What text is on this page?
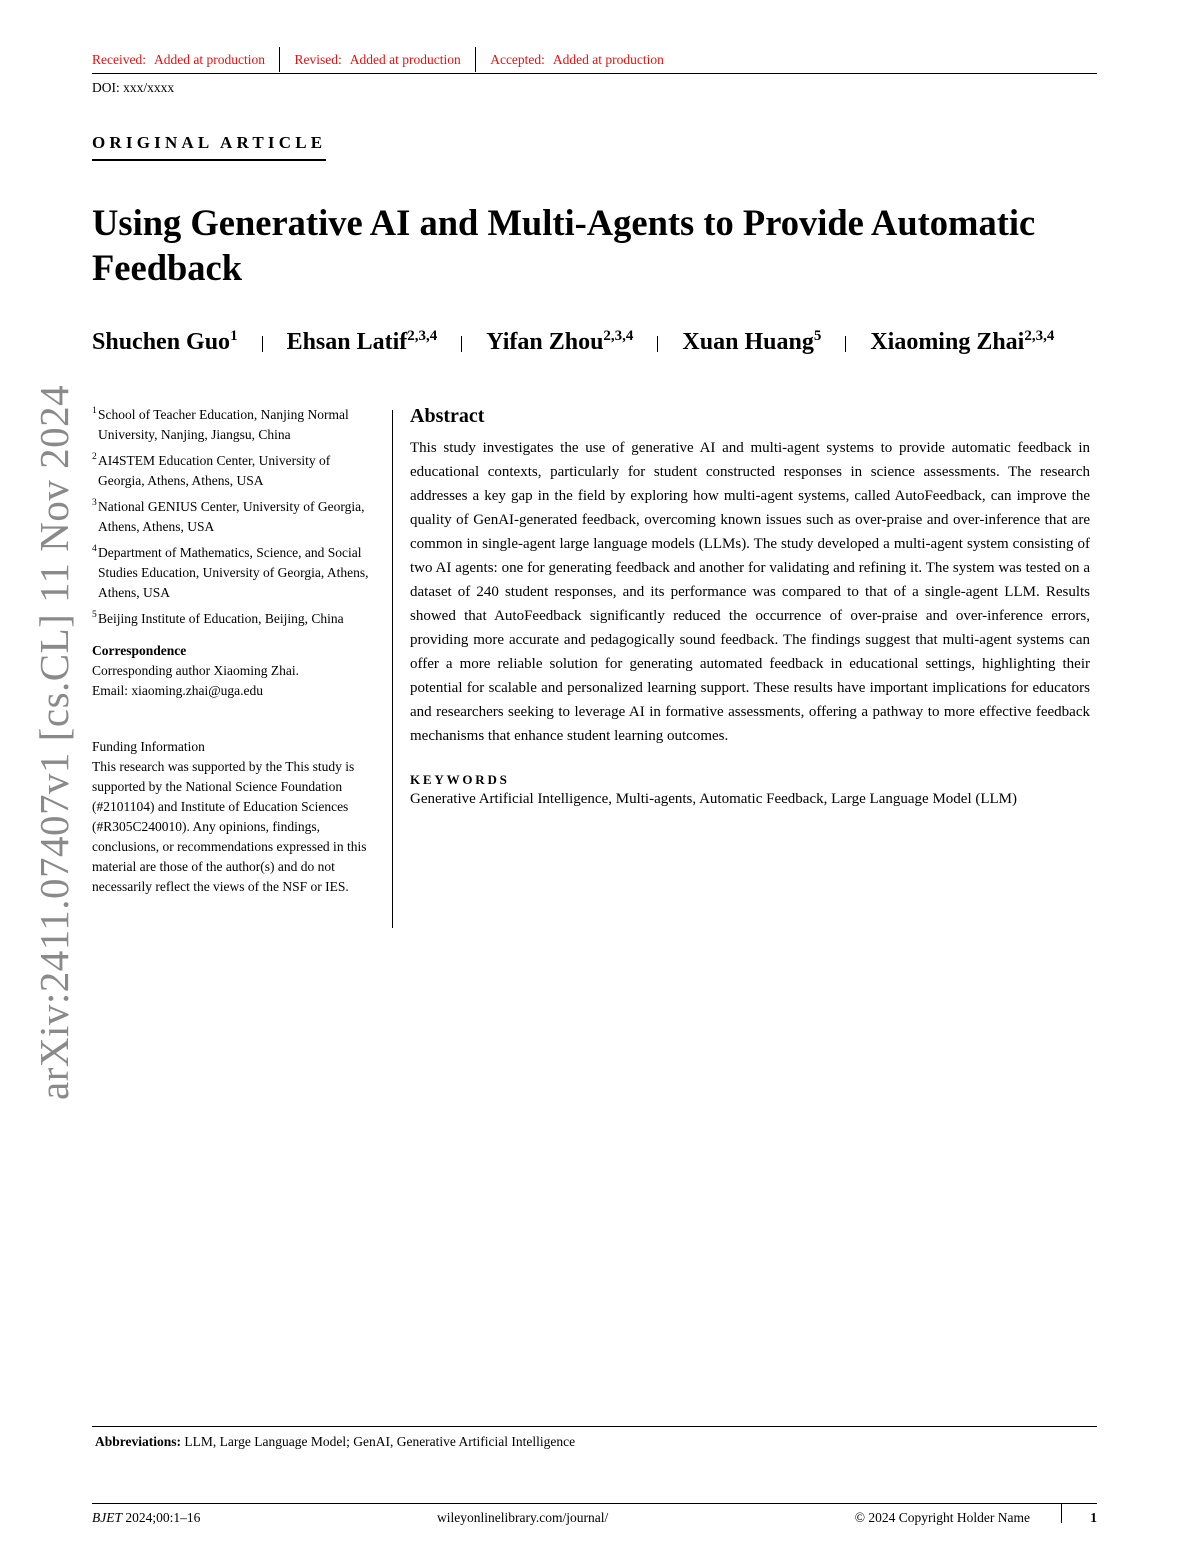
Received: Added at production Revised: Added at production Accepted: Added at production
DOI: xxx/xxxx
ORIGINAL ARTICLE
Using Generative AI and Multi-Agents to Provide Automatic
Feedback
Shuchen Guo$^1$ Ehsan Latif$^{2,3,4}$ Yifan Zhou$^{2,3,4}$ Xuan Huang$^5$ Xiaoming Zhai$^{2,3,4}$
arXiv:2411.07407v1 [cs.CL] 11 Nov 2024 1 School of Teacher Education, Nanjing Normal
University, Nanjing, Jiangsu, China
2 AI4STEM Education Center, University of
Georgia, Athens, Athens, USA
3 National GENIUS Center, University of Georgia,
Athens, Athens, USA
4 Department of Mathematics, Science, and Social
Studies Education, University of Georgia, Athens,
Athens, USA
5 Beijing Institute of Education, Beijing, China
Correspondence
Corresponding author Xiaoming Zhai.
Email: xiaoming.zhai@uga.edu
Funding Information
This research was supported by the This study is
supported by the National Science Foundation
(#2101104) and Institute of Education Sciences
(#R305C240010). Any opinions, findings,
conclusions, or recommendations expressed in this
material are those of the author(s) and do not
necessarily reflect the views of the NSF or IES.
Abstract

This study investigates the use of generative AI and multi-agent systems to provide automatic feedback in educational contexts, particularly for student constructed responses in science assessments. The research addresses a key gap in the field by exploring how multi-agent systems, called AutoFeedback, can improve the quality of GenAI-generated feedback, overcoming known issues such as over-praise and over-inference that are common in single-agent large language models (LLMs). The study developed a multi-agent system consisting of two AI agents: one for generating feedback and another for validating and refining it. The system was tested on a dataset of 240 student responses, and its performance was compared to that of a single-agent LLM. Results showed that AutoFeedback significantly reduced the occurrence of over-praise and over-inference errors, providing more accurate and pedagogically sound feedback. The findings suggest that multi-agent systems can offer a more reliable solution for generating automated feedback in educational settings, highlighting their potential for scalable and personalized learning support. These results have important implications for educators and researchers seeking to leverage AI in formative assessments, offering a pathway to more effective feedback mechanisms that enhance student learning outcomes.

KEYWORDS
Generative Artificial Intelligence, Multi-agents, Automatic Feedback, Large Language Model (LLM)
Abbreviations: LLM, Large Language Model; GenAI, Generative Artificial Intelligence
BJET 2024;00:1–16	wileyonlinelibrary.com/journal/	© 2024 Copyright Holder Name	1
